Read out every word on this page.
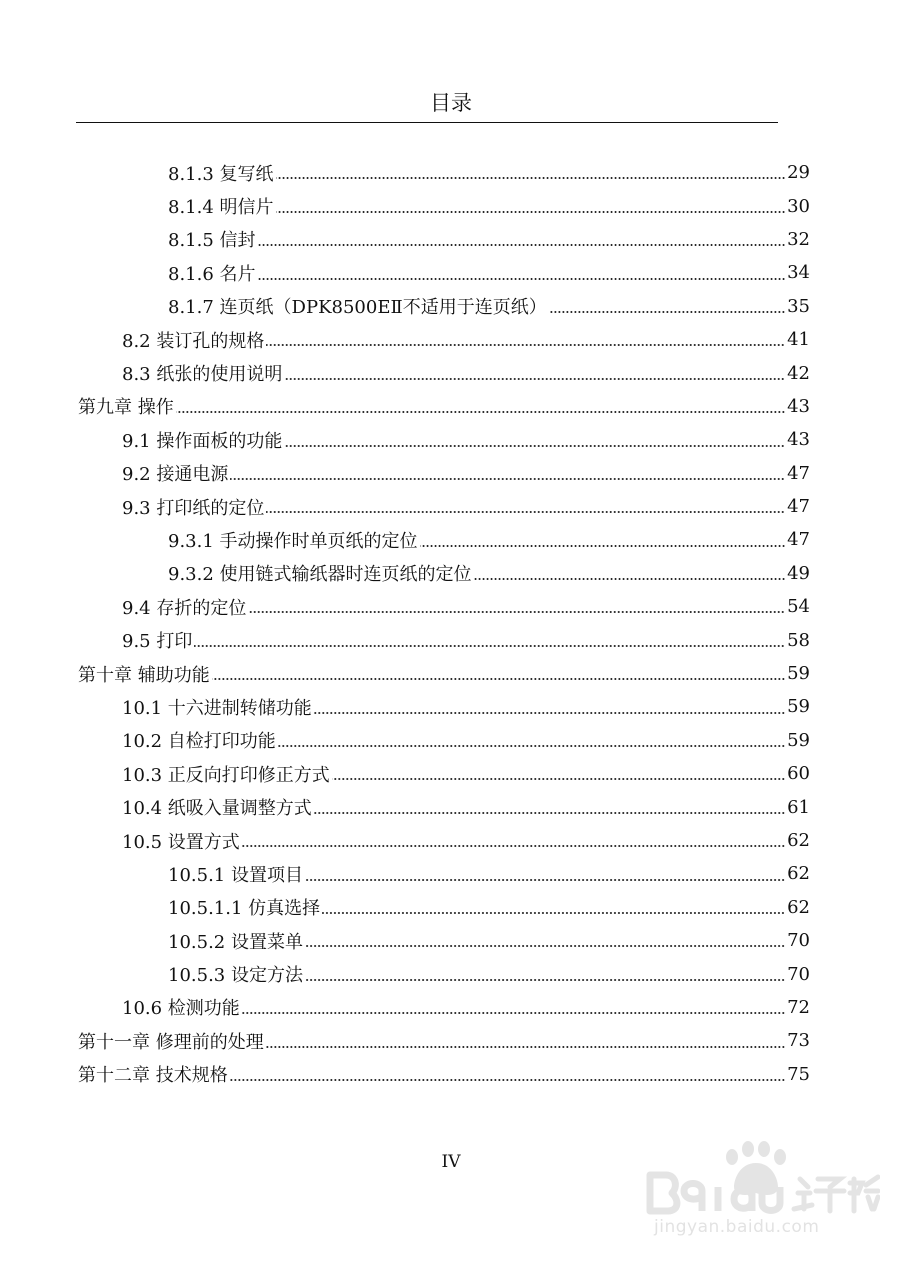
目录
8.1.3 复写纸	29
8.1.4 明信片	30
8.1.5 信封	32
8.1.6 名片	34
8.1.7 连页纸（DPK8500EⅡ不适用于连页纸）	35
8.2 装订孔的规格	41
8.3 纸张的使用说明	42
第九章 操作	43
9.1 操作面板的功能	43
9.2 接通电源	47
9.3 打印纸的定位	47
9.3.1 手动操作时单页纸的定位	47
9.3.2 使用链式输纸器时连页纸的定位	49
9.4 存折的定位	54
9.5 打印	58
第十章 辅助功能	59
10.1 十六进制转储功能	59
10.2 自检打印功能	59
10.3 正反向打印修正方式	60
10.4 纸吸入量调整方式	61
10.5 设置方式	62
10.5.1 设置项目	62
10.5.1.1 仿真选择	62
10.5.2 设置菜单	70
10.5.3 设定方法	70
10.6 检测功能	72
第十一章 修理前的处理	73
第十二章 技术规格	75
IV
jingyan.baidu.com
